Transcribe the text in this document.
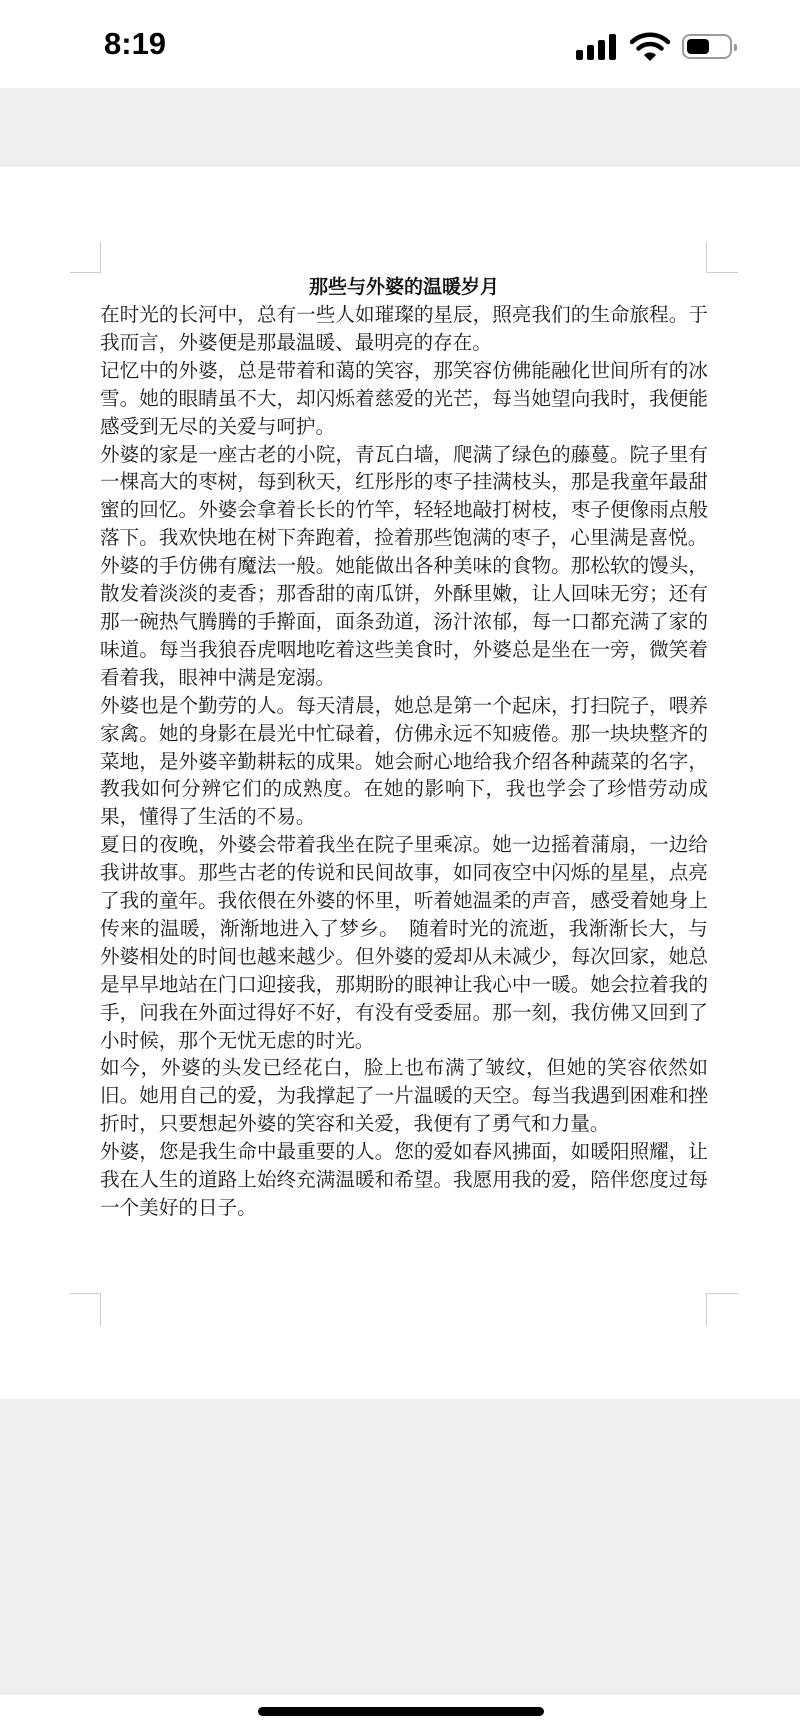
8:19
那些与外婆的温暖岁月

在时光的长河中，总有一些人如璀璨的星辰，照亮我们的生命旅程。于我而言，外婆便是那最温暖、最明亮的存在。

记忆中的外婆，总是带着和蔼的笑容，那笑容仿佛能融化世间所有的冰雪。她的眼睛虽不大，却闪烁着慈爱的光芒，每当她望向我时，我便能感受到无尽的关爱与呵护。

外婆的家是一座古老的小院，青瓦白墙，爬满了绿色的藤蔓。院子里有一棵高大的枣树，每到秋天，红彤彤的枣子挂满枝头，那是我童年最甜蜜的回忆。外婆会拿着长长的竹竿，轻轻地敲打树枝，枣子便像雨点般落下。我欢快地在树下奔跑着，捡着那些饱满的枣子，心里满是喜悦。

外婆的手仿佛有魔法一般。她能做出各种美味的食物。那松软的馒头，散发着淡淡的麦香；那香甜的南瓜饼，外酥里嫩，让人回味无穷；还有那一碗热气腾腾的手擀面，面条劲道，汤汁浓郁，每一口都充满了家的味道。每当我狼吞虎咽地吃着这些美食时，外婆总是坐在一旁，微笑着看着我，眼神中满是宠溺。

外婆也是个勤劳的人。每天清晨，她总是第一个起床，打扫院子，喂养家禽。她的身影在晨光中忙碌着，仿佛永远不知疲倦。那一块块整齐的菜地，是外婆辛勤耕耘的成果。她会耐心地给我介绍各种蔬菜的名字，教我如何分辨它们的成熟度。在她的影响下，我也学会了珍惜劳动成果，懂得了生活的不易。

夏日的夜晚，外婆会带着我坐在院子里乘凉。她一边摇着蒲扇，一边给我讲故事。那些古老的传说和民间故事，如同夜空中闪烁的星星，点亮了我的童年。我依偎在外婆的怀里，听着她温柔的声音，感受着她身上传来的温暖，渐渐地进入了梦乡。　随着时光的流逝，我渐渐长大，与外婆相处的时间也越来越少。但外婆的爱却从未减少，每次回家，她总是早早地站在门口迎接我，那期盼的眼神让我心中一暖。她会拉着我的手，问我在外面过得好不好，有没有受委屈。那一刻，我仿佛又回到了小时候，那个无忧无虑的时光。

如今，外婆的头发已经花白，脸上也布满了皱纹，但她的笑容依然如旧。她用自己的爱，为我撑起了一片温暖的天空。每当我遇到困难和挫折时，只要想起外婆的笑容和关爱，我便有了勇气和力量。

外婆，您是我生命中最重要的人。您的爱如春风拂面，如暖阳照耀，让我在人生的道路上始终充满温暖和希望。我愿用我的爱，陪伴您度过每一个美好的日子。
